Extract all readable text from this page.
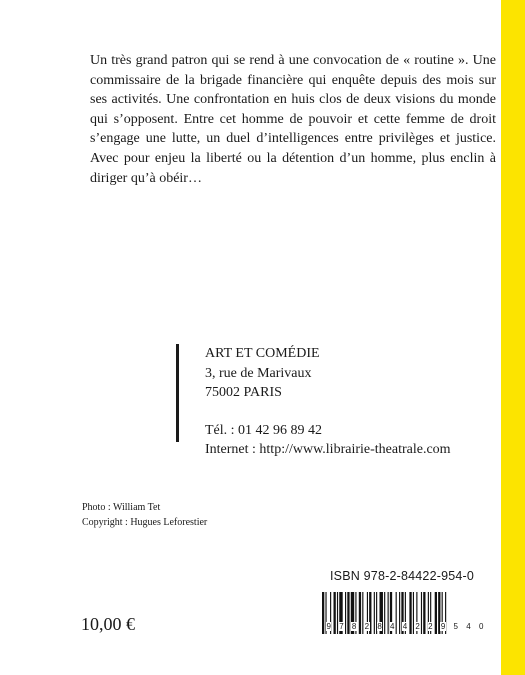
Un très grand patron qui se rend à une convocation de « routine ». Une commissaire de la brigade financière qui enquête depuis des mois sur ses activités. Une confrontation en huis clos de deux visions du monde qui s’opposent. Entre cet homme de pouvoir et cette femme de droit s’engage une lutte, un duel d’intelligences entre privilèges et justice. Avec pour enjeu la liberté ou la détention d’un homme, plus enclin à diriger qu’à obéir…

ART ET COMÉDIE
3, rue de Marivaux
75002 PARIS
Tél. : 01 42 96 89 42
Internet : http://www.librairie-theatrale.com
Photo : William Tet
Copyright : Hugues Leforestier
ISBN 978-2-84422-954-0
9 7 8 2 8 4 4 2 2 9 5 4 0
10,00 €
